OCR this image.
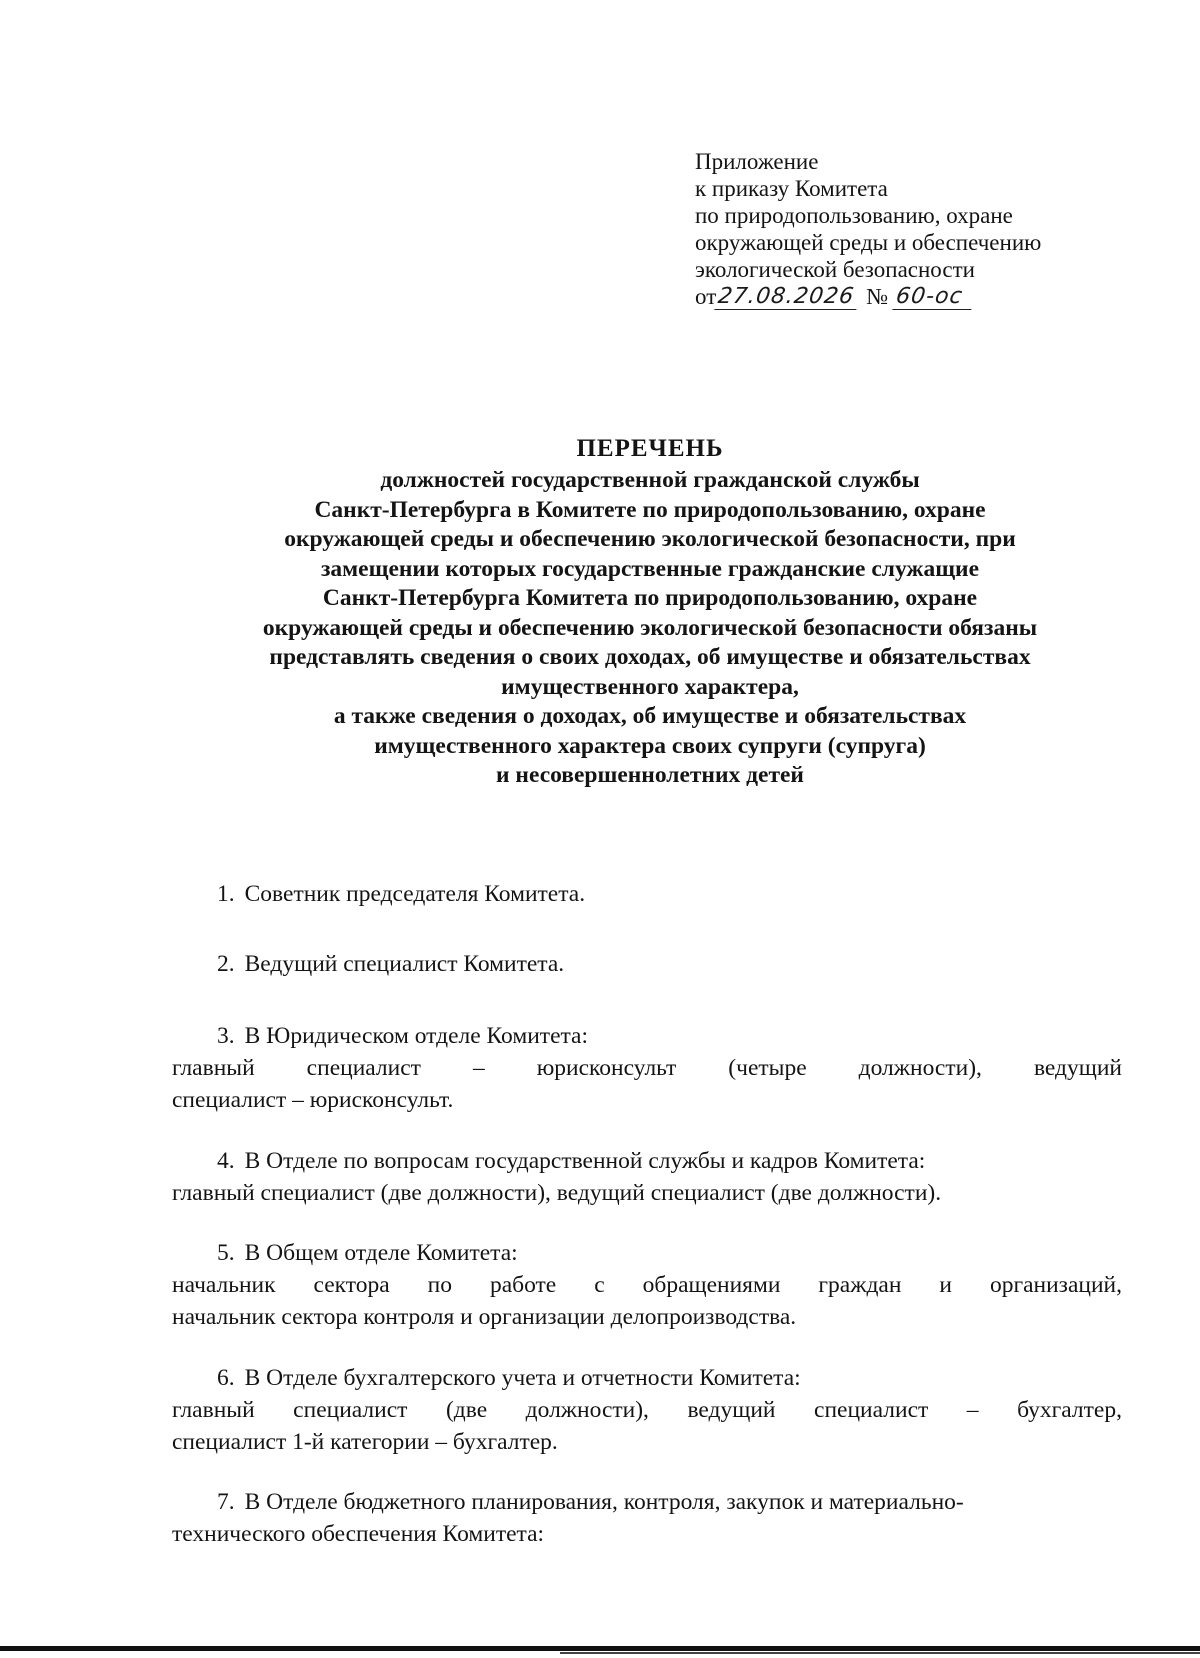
Приложение
к приказу Комитета
по природопользованию, охране
окружающей среды и обеспечению
экологической безопасности
от 27.08.2026 № 60-ос
ПЕРЕЧЕНЬ
должностей государственной гражданской службы
Санкт-Петербурга в Комитете по природопользованию, охране
окружающей среды и обеспечению экологической безопасности, при
замещении которых государственные гражданские служащие
Санкт-Петербурга Комитета по природопользованию, охране
окружающей среды и обеспечению экологической безопасности обязаны
представлять сведения о своих доходах, об имуществе и обязательствах
имущественного характера,
а также сведения о доходах, об имуществе и обязательствах
имущественного характера своих супруги (супруга)
и несовершеннолетних детей
1. Советник председателя Комитета.
2. Ведущий специалист Комитета.
3. В Юридическом отделе Комитета:
главный специалист – юрисконсульт (четыре должности), ведущий
специалист – юрисконсульт.
4. В Отделе по вопросам государственной службы и кадров Комитета:
главный специалист (две должности), ведущий специалист (две должности).
5. В Общем отделе Комитета:
начальник сектора по работе с обращениями граждан и организаций,
начальник сектора контроля и организации делопроизводства.
6. В Отделе бухгалтерского учета и отчетности Комитета:
главный специалист (две должности), ведущий специалист – бухгалтер,
специалист 1-й категории – бухгалтер.
7. В Отделе бюджетного планирования, контроля, закупок и материально-
технического обеспечения Комитета:
